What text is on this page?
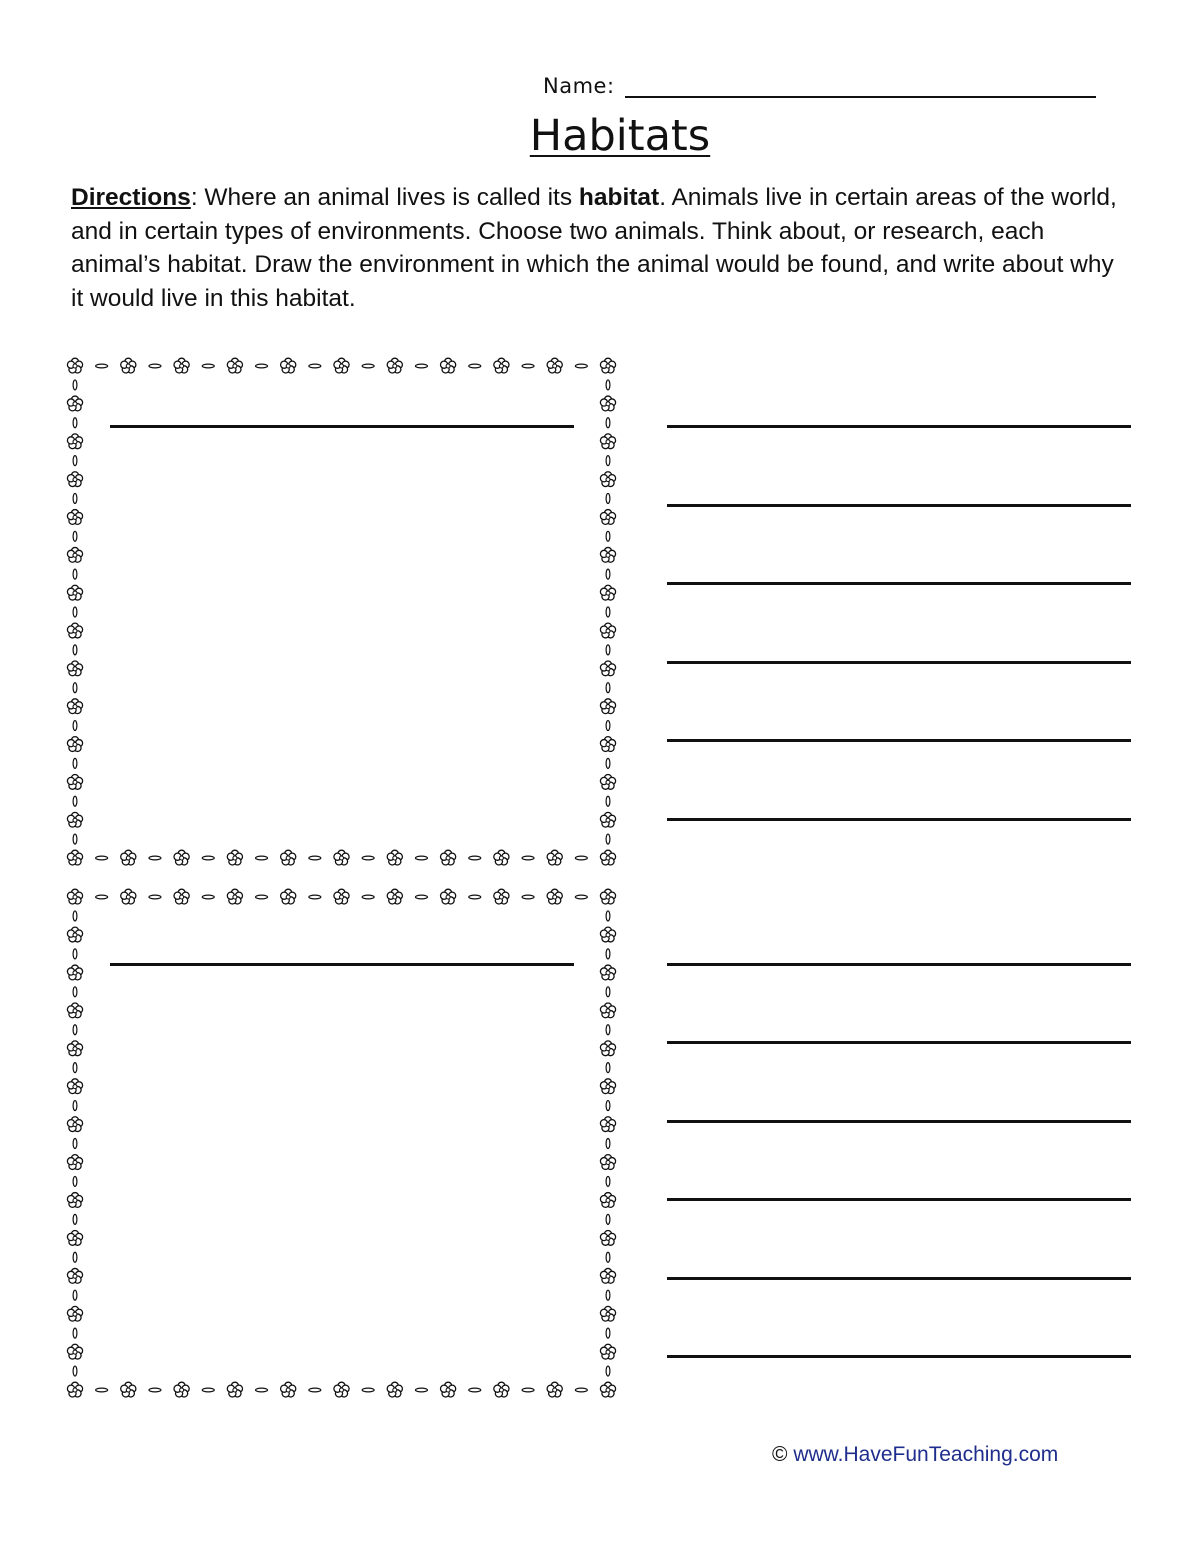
Name:
Habitats
Directions: Where an animal lives is called its habitat. Animals live in certain areas of the world, and in certain types of environments. Choose two animals. Think about, or research, each animal’s habitat. Draw the environment in which the animal would be found, and write about why it would live in this habitat.
© www.HaveFunTeaching.com
